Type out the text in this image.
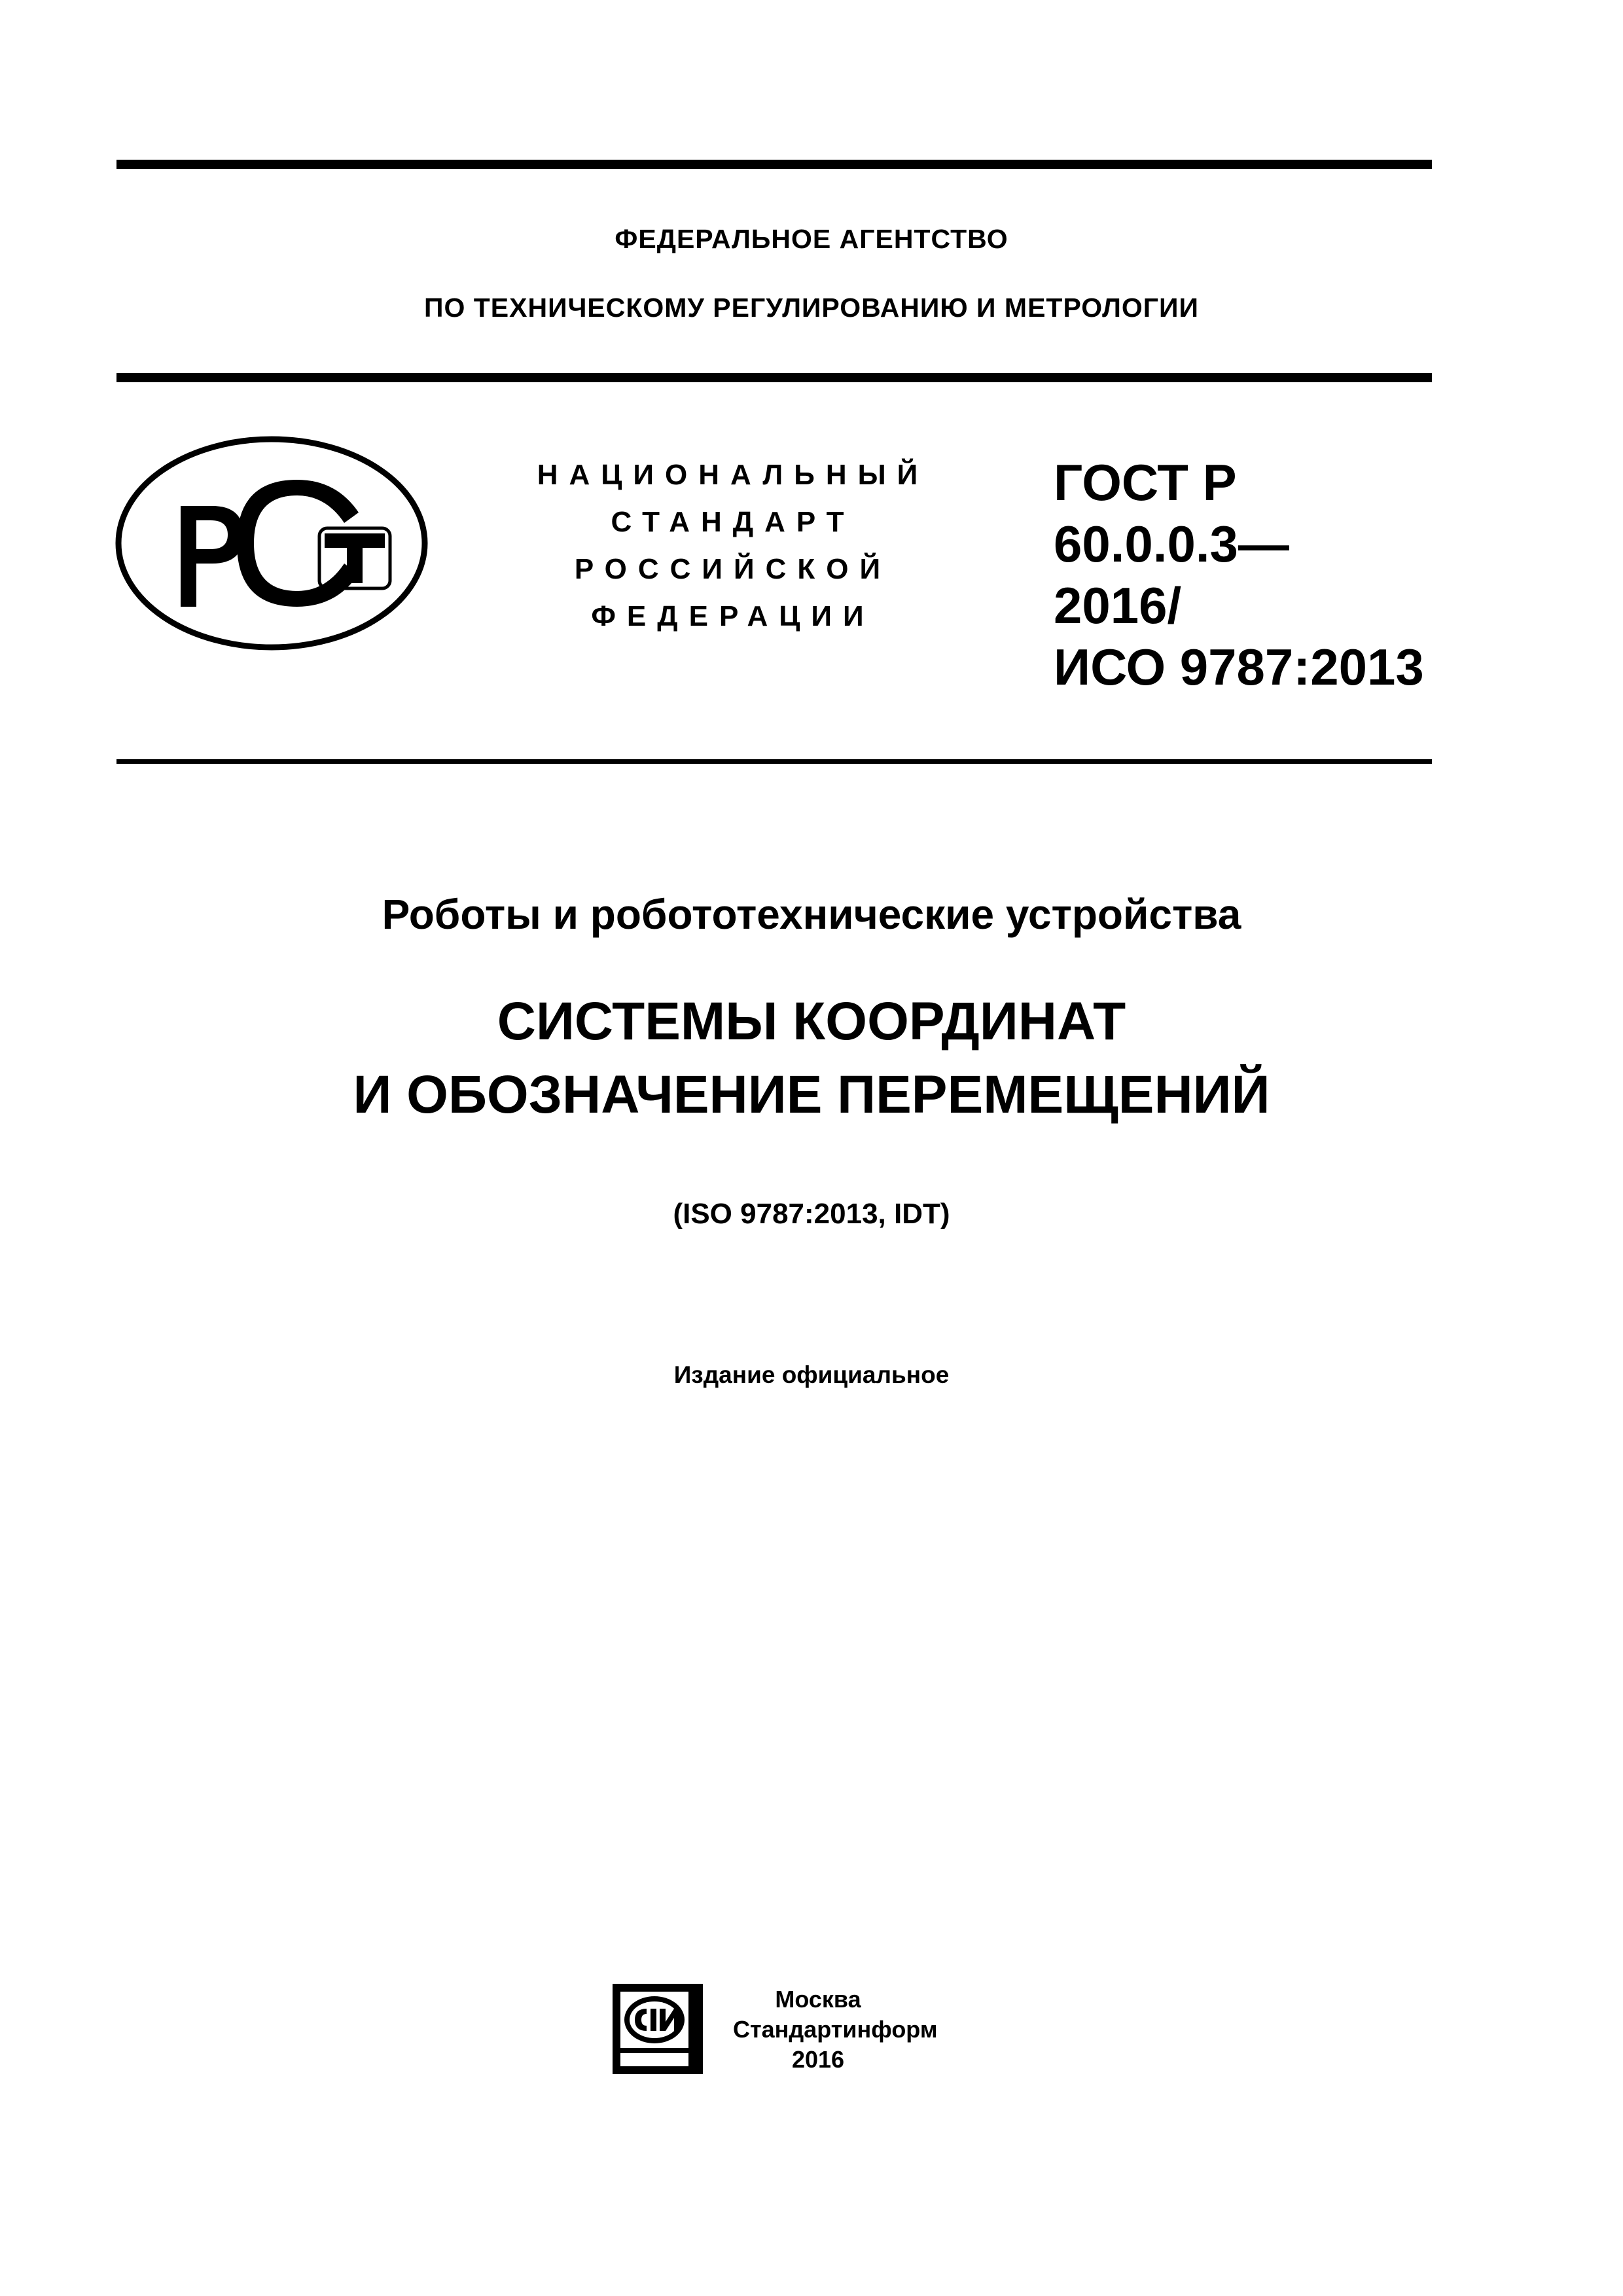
ФЕДЕРАЛЬНОЕ АГЕНТСТВО
ПО ТЕХНИЧЕСКОМУ РЕГУЛИРОВАНИЮ И МЕТРОЛОГИИ
НАЦИОНАЛЬНЫЙ
СТАНДАРТ
РОССИЙСКОЙ
ФЕДЕРАЦИИ
ГОСТ Р
60.0.0.3—
2016/
ИСО 9787:2013
Роботы и робототехнические устройства
СИСТЕМЫ КООРДИНАТ
И ОБОЗНАЧЕНИЕ ПЕРЕМЕЩЕНИЙ
(ISO 9787:2013, IDT)
Издание официальное
Москва
Стандартинформ
2016
